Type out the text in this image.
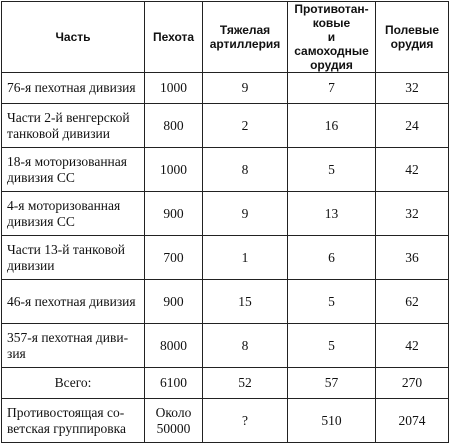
Часть	Пехота	Тяжелая артиллерия	Противотан-
ковые
и самоходные
орудия	Полевые орудия
76-я пехотная дивизия	1000	9	7	32
Части 2-й венгерской танковой дивизии	800	2	16	24
18-я моторизованная дивизия СС	1000	8	5	42
4-я моторизованная дивизия СС	900	9	13	32
Части 13-й танковой дивизии	700	1	6	36
46-я пехотная дивизия	900	15	5	62
357-я пехотная диви-
зия	8000	8	5	42
Всего:	6100	52	57	270
Противостоящая со-
ветская группировка	Около
50000	?	510	2074
